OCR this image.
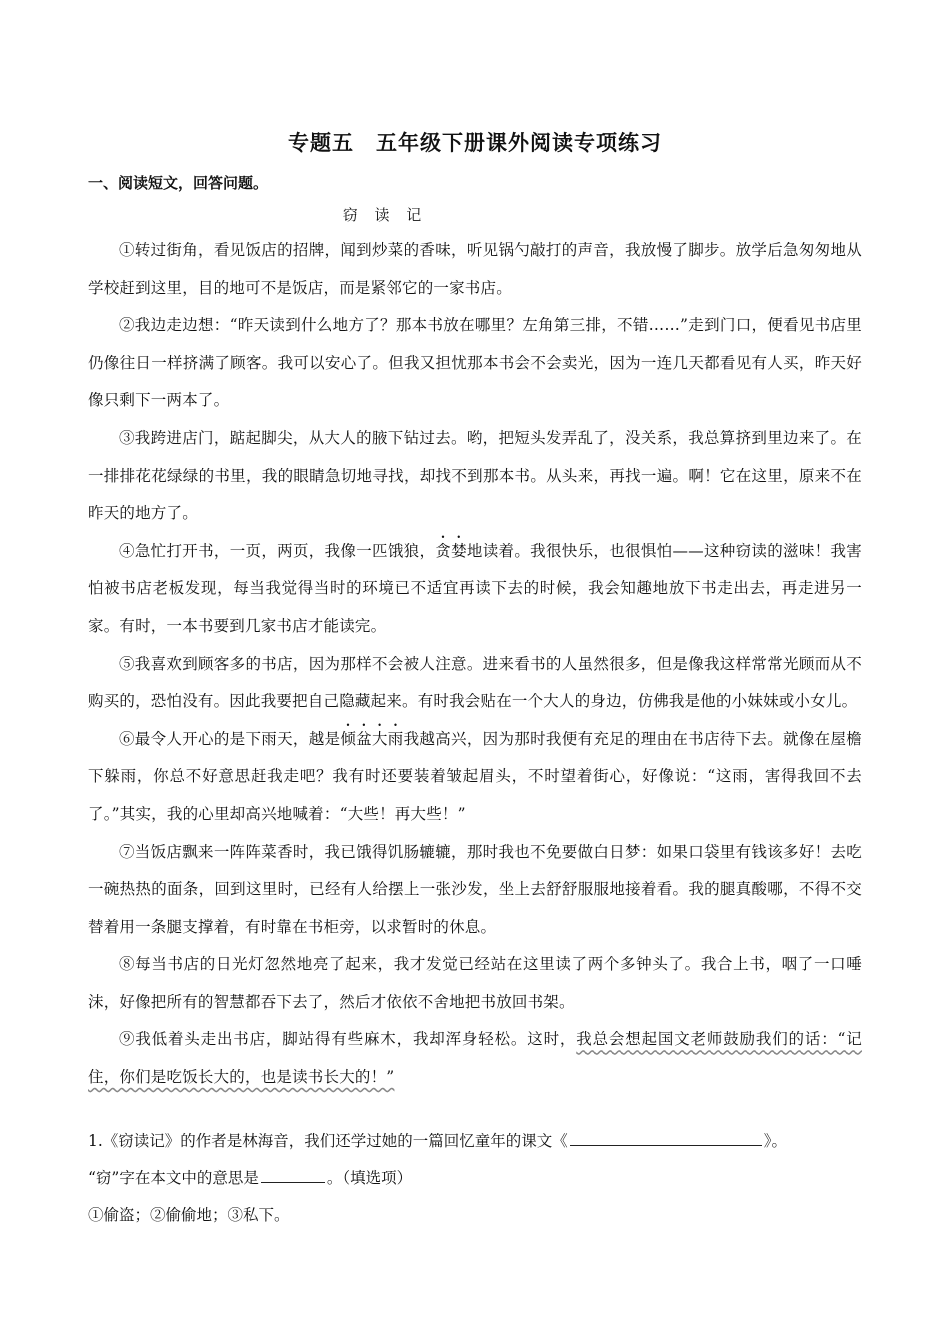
专题五　五年级下册课外阅读专项练习
一、阅读短文，回答问题。
窃 读 记

①转过街角，看见饭店的招牌，闻到炒菜的香味，听见锅勺敲打的声音，我放慢了脚步。放学后急匆匆地从学校赶到这里，目的地可不是饭店，而是紧邻它的一家书店。

②我边走边想：“昨天读到什么地方了？那本书放在哪里？左角第三排，不错……”走到门口，便看见书店里仍像往日一样挤满了顾客。我可以安心了。但我又担忧那本书会不会卖光，因为一连几天都看见有人买，昨天好像只剩下一两本了。

③我跨进店门，踮起脚尖，从大人的腋下钻过去。哟，把短头发弄乱了，没关系，我总算挤到里边来了。在一排排花花绿绿的书里，我的眼睛急切地寻找，却找不到那本书。从头来，再找一遍。啊！它在这里，原来不在昨天的地方了。

④急忙打开书，一页，两页，我像一匹饿狼，贪婪地读着。我很快乐，也很惧怕——这种窃读的滋味！我害怕被书店老板发现，每当我觉得当时的环境已不适宜再读下去的时候，我会知趣地放下书走出去，再走进另一家。有时，一本书要到几家书店才能读完。

⑤我喜欢到顾客多的书店，因为那样不会被人注意。进来看书的人虽然很多，但是像我这样常常光顾而从不购买的，恐怕没有。因此我要把自己隐藏起来。有时我会贴在一个大人的身边，仿佛我是他的小妹妹或小女儿。

⑥最令人开心的是下雨天，越是倾盆大雨我越高兴，因为那时我便有充足的理由在书店待下去。就像在屋檐下躲雨，你总不好意思赶我走吧？我有时还要装着皱起眉头，不时望着街心，好像说：“这雨，害得我回不去了。”其实，我的心里却高兴地喊着：“大些！再大些！”

⑦当饭店飘来一阵阵菜香时，我已饿得饥肠辘辘，那时我也不免要做白日梦：如果口袋里有钱该多好！去吃一碗热热的面条，回到这里时，已经有人给摆上一张沙发，坐上去舒舒服服地接着看。我的腿真酸哪，不得不交替着用一条腿支撑着，有时靠在书柜旁，以求暂时的休息。

⑧每当书店的日光灯忽然地亮了起来，我才发觉已经站在这里读了两个多钟头了。我合上书，咽了一口唾沫，好像把所有的智慧都吞下去了，然后才依依不舍地把书放回书架。

⑨我低着头走出书店，脚站得有些麻木，我却浑身轻松。这时，我总会想起国文老师鼓励我们的话：“记住，你们是吃饭长大的，也是读书长大的！”

1.《窃读记》的作者是林海音，我们还学过她的一篇回忆童年的课文《	》。

“窃”字在本文中的意思是	。（填选项）

①偷盗；②偷偷地；③私下。
